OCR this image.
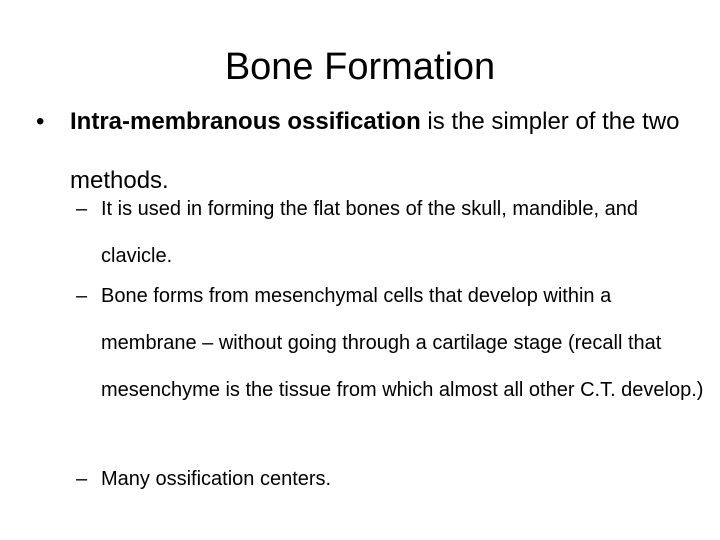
Bone Formation
• Intra-membranous ossification is the simpler of the two methods.
– It is used in forming the flat bones of the skull, mandible, and clavicle.
– Bone forms from mesenchymal cells that develop within a membrane – without going through a cartilage stage (recall that mesenchyme is the tissue from which almost all other C.T. develop.)
– Many ossification centers.
